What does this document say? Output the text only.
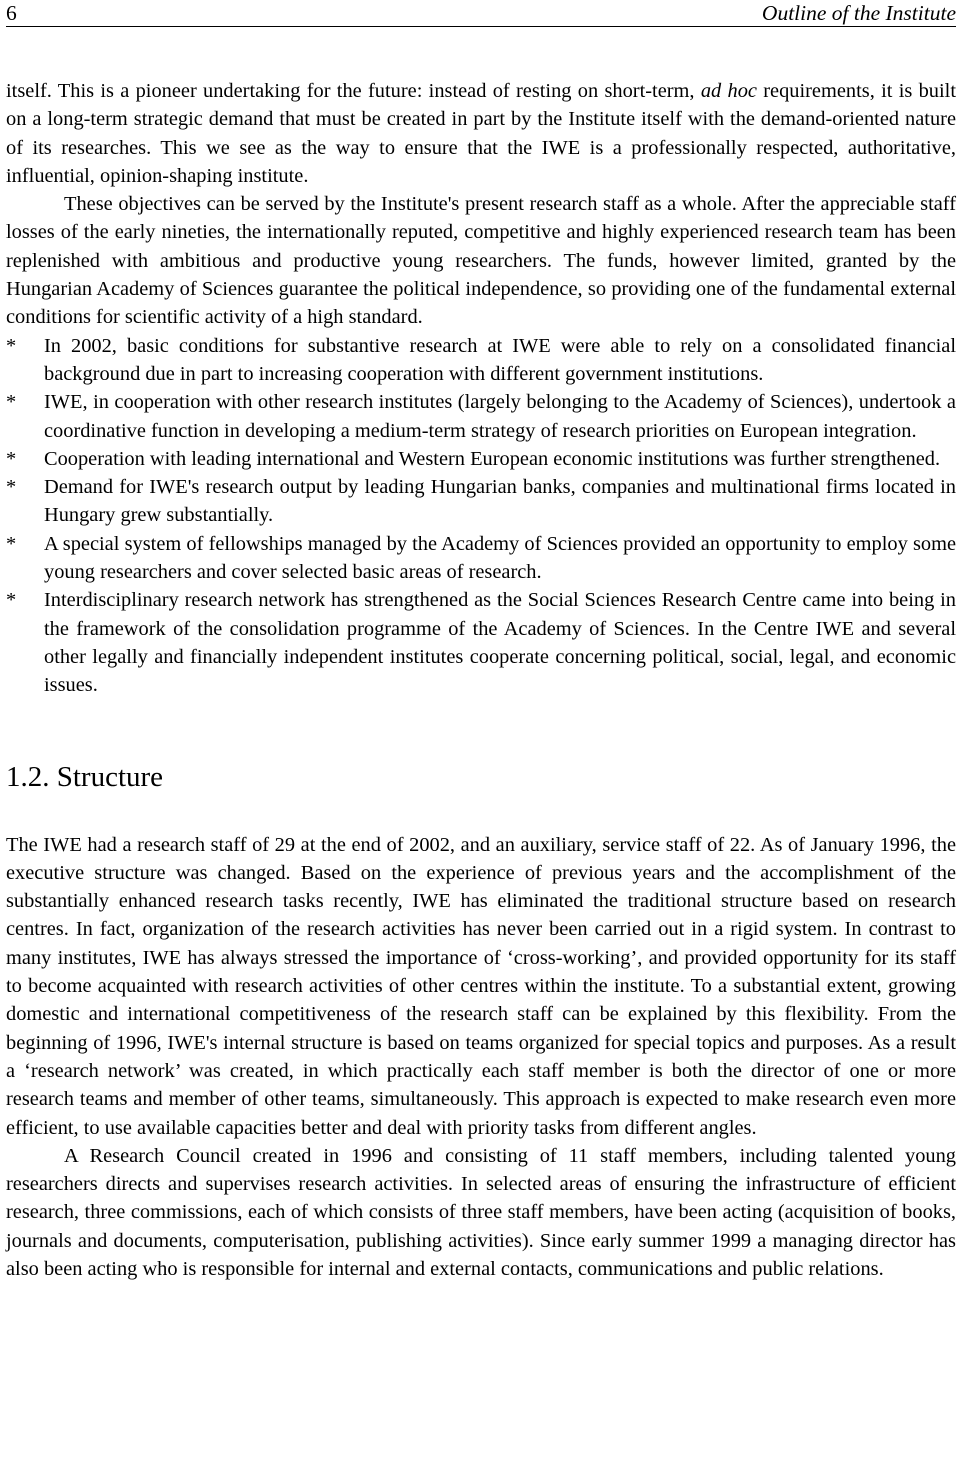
6	Outline of the Institute

itself. This is a pioneer undertaking for the future: instead of resting on short-term, ad hoc requirements, it is built on a long-term strategic demand that must be created in part by the Institute itself with the demand-oriented nature of its researches. This we see as the way to ensure that the IWE is a professionally respected, authoritative, influential, opinion-shaping institute.

These objectives can be served by the Institute's present research staff as a whole. After the appreciable staff losses of the early nineties, the internationally reputed, competitive and highly experienced research team has been replenished with ambitious and productive young researchers. The funds, however limited, granted by the Hungarian Academy of Sciences guarantee the political independence, so providing one of the fundamental external conditions for scientific activity of a high standard.

* In 2002, basic conditions for substantive research at IWE were able to rely on a consolidated financial background due in part to increasing cooperation with different government institutions.
* IWE, in cooperation with other research institutes (largely belonging to the Academy of Sciences), undertook a coordinative function in developing a medium-term strategy of research priorities on European integration.
* Cooperation with leading international and Western European economic institutions was further strengthened.
* Demand for IWE's research output by leading Hungarian banks, companies and multinational firms located in Hungary grew substantially.
* A special system of fellowships managed by the Academy of Sciences provided an opportunity to employ some young researchers and cover selected basic areas of research.
* Interdisciplinary research network has strengthened as the Social Sciences Research Centre came into being in the framework of the consolidation programme of the Academy of Sciences. In the Centre IWE and several other legally and financially independent institutes cooperate concerning political, social, legal, and economic issues.
1.2. Structure

The IWE had a research staff of 29 at the end of 2002, and an auxiliary, service staff of 22. As of January 1996, the executive structure was changed. Based on the experience of previous years and the accomplishment of the substantially enhanced research tasks recently, IWE has eliminated the traditional structure based on research centres. In fact, organization of the research activities has never been carried out in a rigid system. In contrast to many institutes, IWE has always stressed the importance of ‘cross-working’, and provided opportunity for its staff to become acquainted with research activities of other centres within the institute. To a substantial extent, growing domestic and international competitiveness of the research staff can be explained by this flexibility. From the beginning of 1996, IWE's internal structure is based on teams organized for special topics and purposes. As a result a ‘research network’ was created, in which practically each staff member is both the director of one or more research teams and member of other teams, simultaneously. This approach is expected to make research even more efficient, to use available capacities better and deal with priority tasks from different angles.

A Research Council created in 1996 and consisting of 11 staff members, including talented young researchers directs and supervises research activities. In selected areas of ensuring the infrastructure of efficient research, three commissions, each of which consists of three staff members, have been acting (acquisition of books, journals and documents, computerisation, publishing activities). Since early summer 1999 a managing director has also been acting who is responsible for internal and external contacts, communications and public relations.
